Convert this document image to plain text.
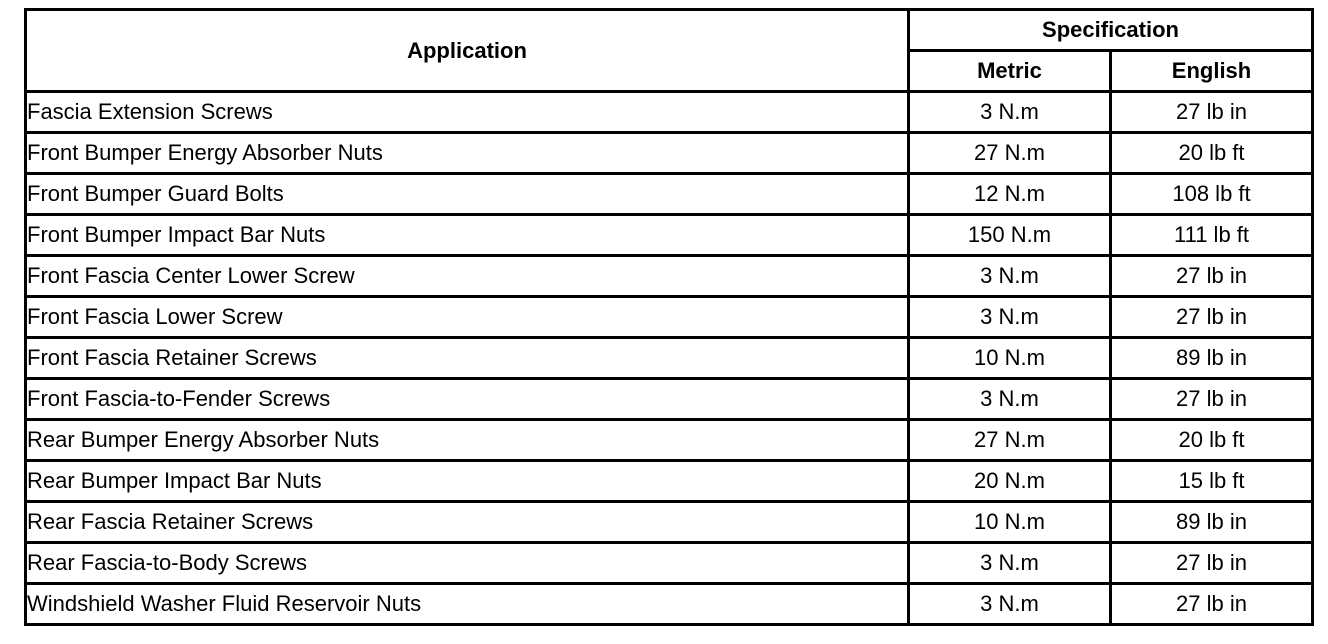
Application	Specification	
	Metric	English
Fascia Extension Screws	3 N.m	27 lb in
Front Bumper Energy Absorber Nuts	27 N.m	20 lb ft
Front Bumper Guard Bolts	12 N.m	108 lb ft
Front Bumper Impact Bar Nuts	150 N.m	111 lb ft
Front Fascia Center Lower Screw	3 N.m	27 lb in
Front Fascia Lower Screw	3 N.m	27 lb in
Front Fascia Retainer Screws	10 N.m	89 lb in
Front Fascia-to-Fender Screws	3 N.m	27 lb in
Rear Bumper Energy Absorber Nuts	27 N.m	20 lb ft
Rear Bumper Impact Bar Nuts	20 N.m	15 lb ft
Rear Fascia Retainer Screws	10 N.m	89 lb in
Rear Fascia-to-Body Screws	3 N.m	27 lb in
Windshield Washer Fluid Reservoir Nuts	3 N.m	27 lb in
